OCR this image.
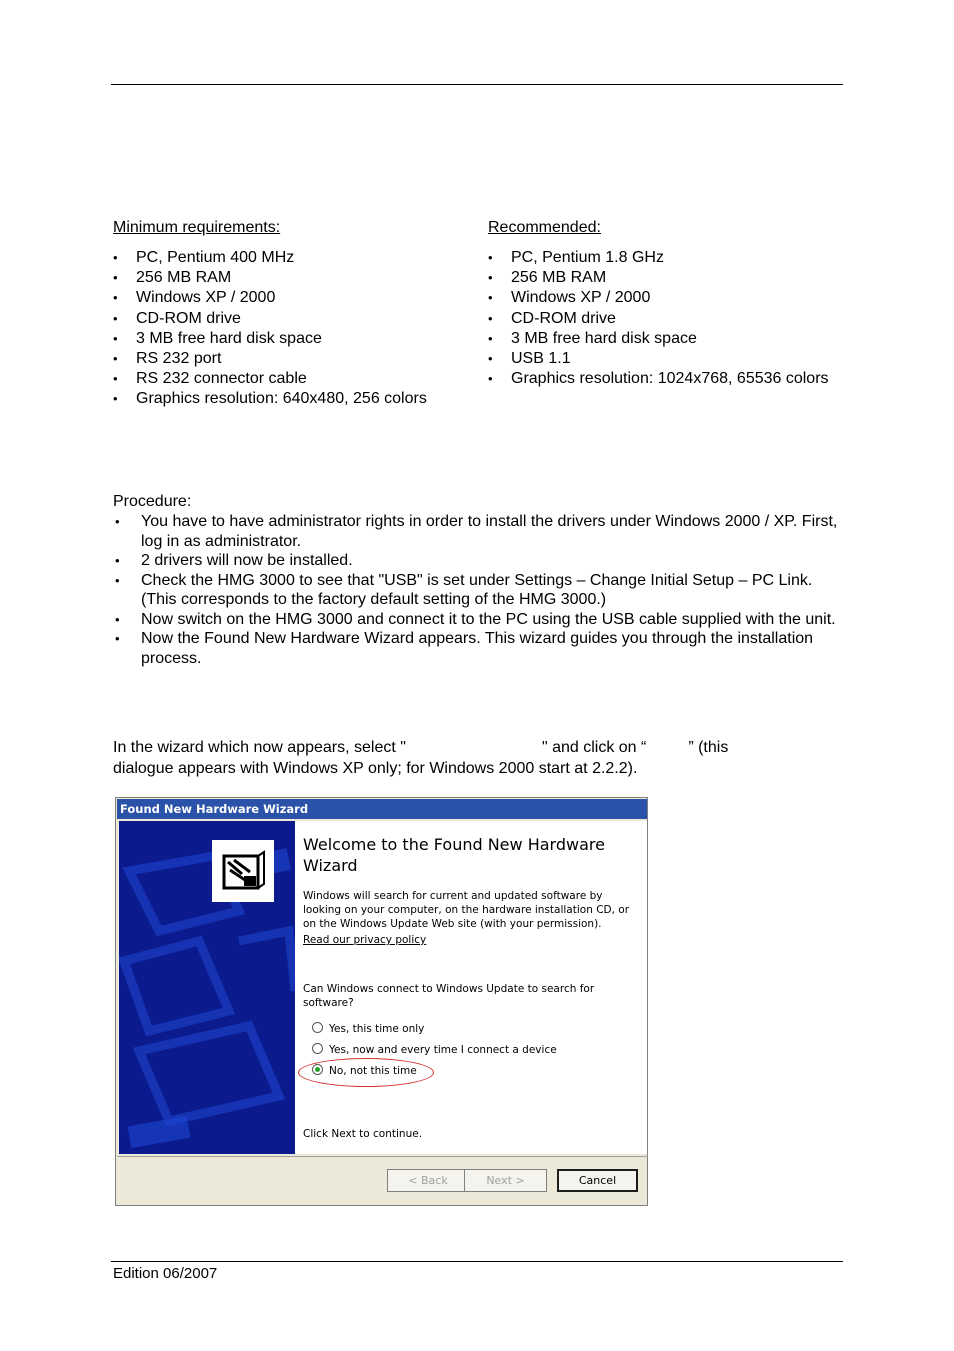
Minimum requirements:
• PC, Pentium 400 MHz
• 256 MB RAM
• Windows XP / 2000
• CD-ROM drive
• 3 MB free hard disk space
• RS 232 port
• RS 232 connector cable
• Graphics resolution: 640x480, 256 colors
Recommended:
• PC, Pentium 1.8 GHz
• 256 MB RAM
• Windows XP / 2000
• CD-ROM drive
• 3 MB free hard disk space
• USB 1.1
• Graphics resolution: 1024x768, 65536 colors
Procedure:
• You have to have administrator rights in order to install the drivers under Windows 2000 / XP. First, log in as administrator.
• 2 drivers will now be installed.
• Check the HMG 3000 to see that "USB" is set under Settings – Change Initial Setup – PC Link. (This corresponds to the factory default setting of the HMG 3000.)
• Now switch on the HMG 3000 and connect it to the PC using the USB cable supplied with the unit.
• Now the Found New Hardware Wizard appears. This wizard guides you through the installation process.
In the wizard which now appears, select "	" and click on “	” (this
dialogue appears with Windows XP only; for Windows 2000 start at 2.2.2).
Found New Hardware Wizard
Welcome to the Found New Hardware Wizard
Windows will search for current and updated software by looking on your computer, on the hardware installation CD, or on the Windows Update Web site (with your permission).
Read our privacy policy
Can Windows connect to Windows Update to search for software?
Yes, this time only
Yes, now and every time I connect a device
No, not this time
Click Next to continue.
< Back	Next >	Cancel
Edition 06/2007
